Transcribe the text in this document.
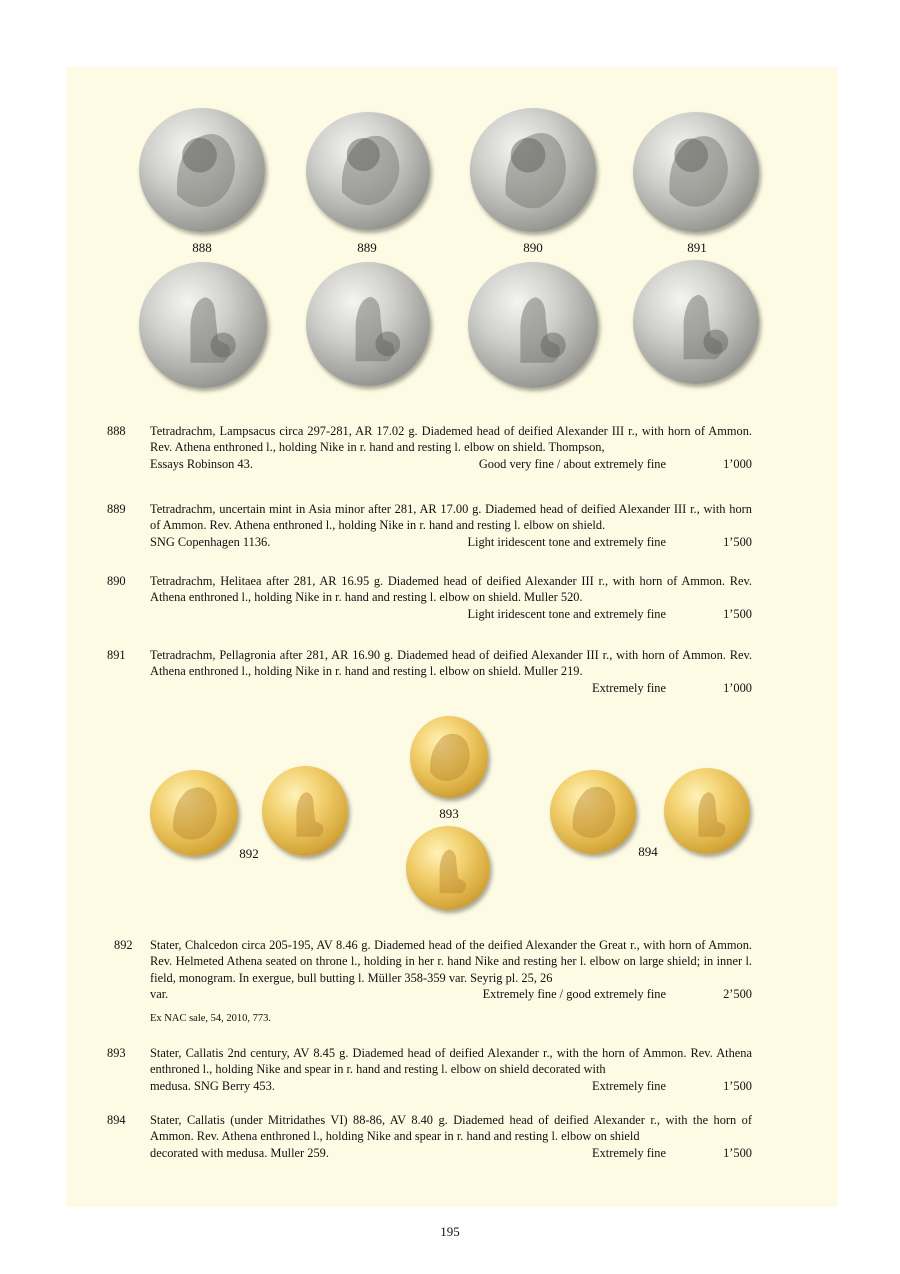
888	889	890	891
888	Tetradrachm, Lampsacus circa 297-281, AR 17.02 g. Diademed head of deified Alexander III r., with horn of Ammon. Rev. Athena enthroned l., holding Nike in r. hand and resting l. elbow on shield. Thompson,

Essays Robinson 43.	Good very fine / about extremely fine	1’000
889	Tetradrachm, uncertain mint in Asia minor after 281, AR 17.00 g. Diademed head of deified Alexander III r., with horn of Ammon. Rev. Athena enthroned l., holding Nike in r. hand and resting l. elbow on shield.

SNG Copenhagen 1136.	Light iridescent tone and extremely fine	1’500
890	Tetradrachm, Helitaea after 281, AR 16.95 g. Diademed head of deified Alexander III r., with horn of Ammon. Rev. Athena enthroned l., holding Nike in r. hand and resting l. elbow on shield. Muller 520.

Light iridescent tone and extremely fine	1’500
891	Tetradrachm, Pellagronia after 281, AR 16.90 g. Diademed head of deified Alexander III r., with horn of Ammon. Rev. Athena enthroned l., holding Nike in r. hand and resting l. elbow on shield. Muller 219.

Extremely fine	1’000
892
893
894
892	Stater, Chalcedon circa 205-195, AV 8.46 g. Diademed head of the deified Alexander the Great r., with horn of Ammon. Rev. Helmeted Athena seated on throne l., holding in her r. hand Nike and resting her l. elbow on large shield; in inner l. field, monogram. In exergue, bull butting l. Müller 358-359 var. Seyrig pl. 25, 26

var.	Extremely fine / good extremely fine	2’500
Ex NAC sale, 54, 2010, 773.
893	Stater, Callatis 2nd century, AV 8.45 g. Diademed head of deified Alexander r., with the horn of Ammon. Rev. Athena enthroned l., holding Nike and spear in r. hand and resting l. elbow on shield decorated with

medusa. SNG Berry 453.	Extremely fine	1’500
894	Stater, Callatis (under Mitridathes VI) 88-86, AV 8.40 g. Diademed head of deified Alexander r., with the horn of Ammon. Rev. Athena enthroned l., holding Nike and spear in r. hand and resting l. elbow on shield

decorated with medusa. Muller 259.	Extremely fine	1’500
195
